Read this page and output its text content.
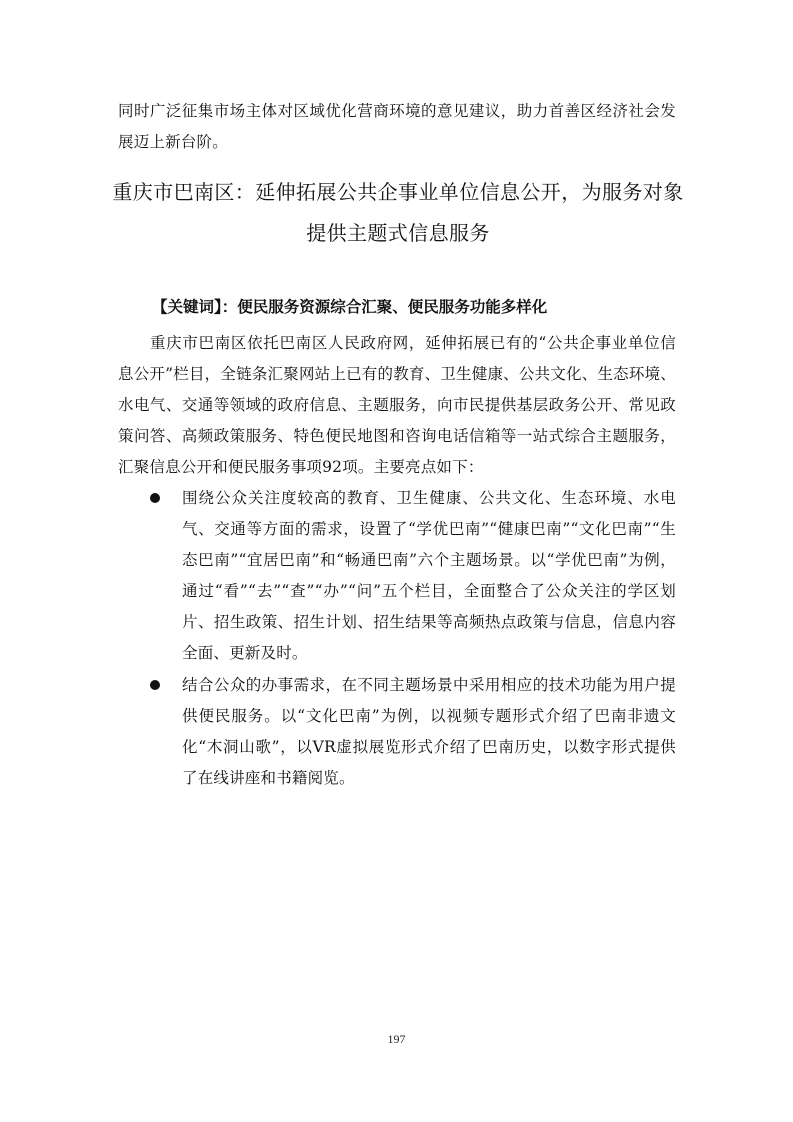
同时广泛征集市场主体对区域优化营商环境的意见建议，助力首善区经济社会发展迈上新台阶。

重庆市巴南区：延伸拓展公共企事业单位信息公开，为服务对象提供主题式信息服务

【关键词】：便民服务资源综合汇聚、便民服务功能多样化

重庆市巴南区依托巴南区人民政府网，延伸拓展已有的“公共企事业单位信息公开”栏目，全链条汇聚网站上已有的教育、卫生健康、公共文化、生态环境、水电气、交通等领域的政府信息、主题服务，向市民提供基层政务公开、常见政策问答、高频政策服务、特色便民地图和咨询电话信箱等一站式综合主题服务，汇聚信息公开和便民服务事项92项。主要亮点如下：

围绕公众关注度较高的教育、卫生健康、公共文化、生态环境、水电气、交通等方面的需求，设置了“学优巴南”“健康巴南”“文化巴南”“生态巴南”“宜居巴南”和“畅通巴南”六个主题场景。以“学优巴南”为例，通过“看”“去”“查”“办”“问”五个栏目，全面整合了公众关注的学区划片、招生政策、招生计划、招生结果等高频热点政策与信息，信息内容全面、更新及时。

结合公众的办事需求，在不同主题场景中采用相应的技术功能为用户提供便民服务。以“文化巴南”为例，以视频专题形式介绍了巴南非遗文化“木洞山歌”，以VR虚拟展览形式介绍了巴南历史，以数字形式提供了在线讲座和书籍阅览。

197
